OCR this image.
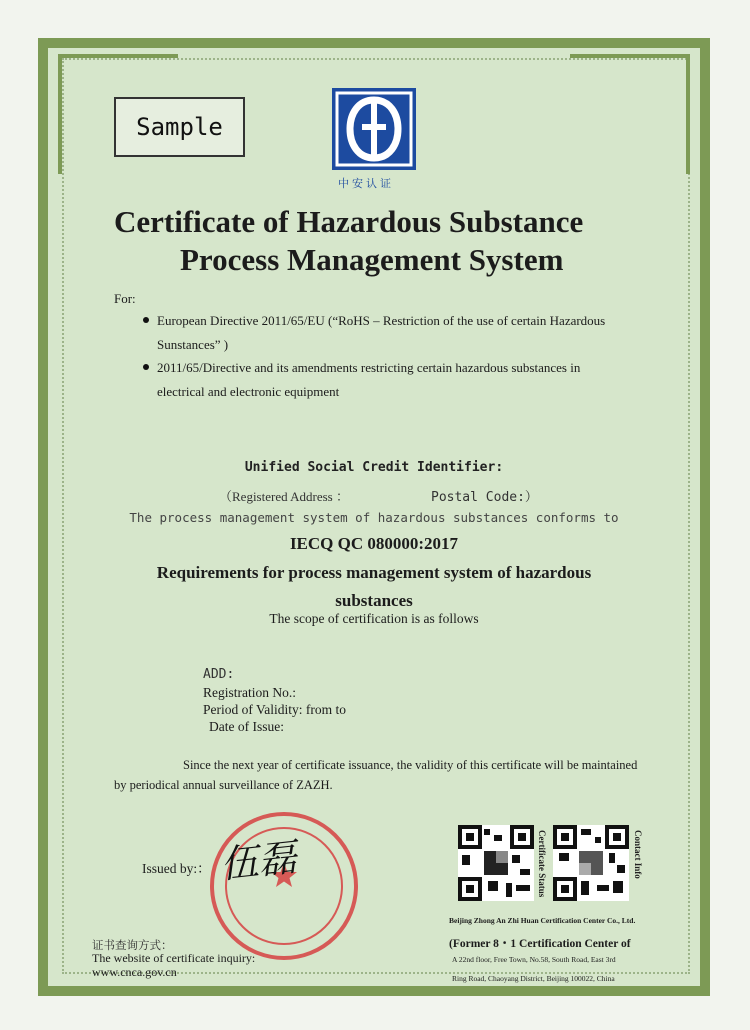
Sample
中安认证
Certificate of Hazardous Substance
Process Management System
For:
European Directive 2011/65/EU (“RoHS – Restriction of the use of certain Hazardous
Sunstances” )
2011/65/Directive and its amendments restricting certain hazardous substances in
electrical and electronic equipment
Unified Social Credit Identifier:
（Registered Address ：	Postal Code:）
The process management system of hazardous substances conforms to
IECQ QC 080000:2017
Requirements for process management system of hazardous
substances
The scope of certification is as follows
ADD:
Registration No.:
Period of Validity: from to
Date of Issue:
Since the next year of certificate issuance, the validity of this certificate will be maintained
by periodical annual surveillance of ZAZH.
Issued by:： 伍磊	Certificate Status	Contact Info
Beijing Zhong An Zhi Huan Certification Center Co., Ltd.
(Former 8・1 Certification Center of
A 22nd floor, Free Town, No.58, South Road, East 3rd
Ring Road, Chaoyang District, Beijing 100022, China
证书查询方式：
The website of certificate inquiry:
www.cnca.gov.cn
